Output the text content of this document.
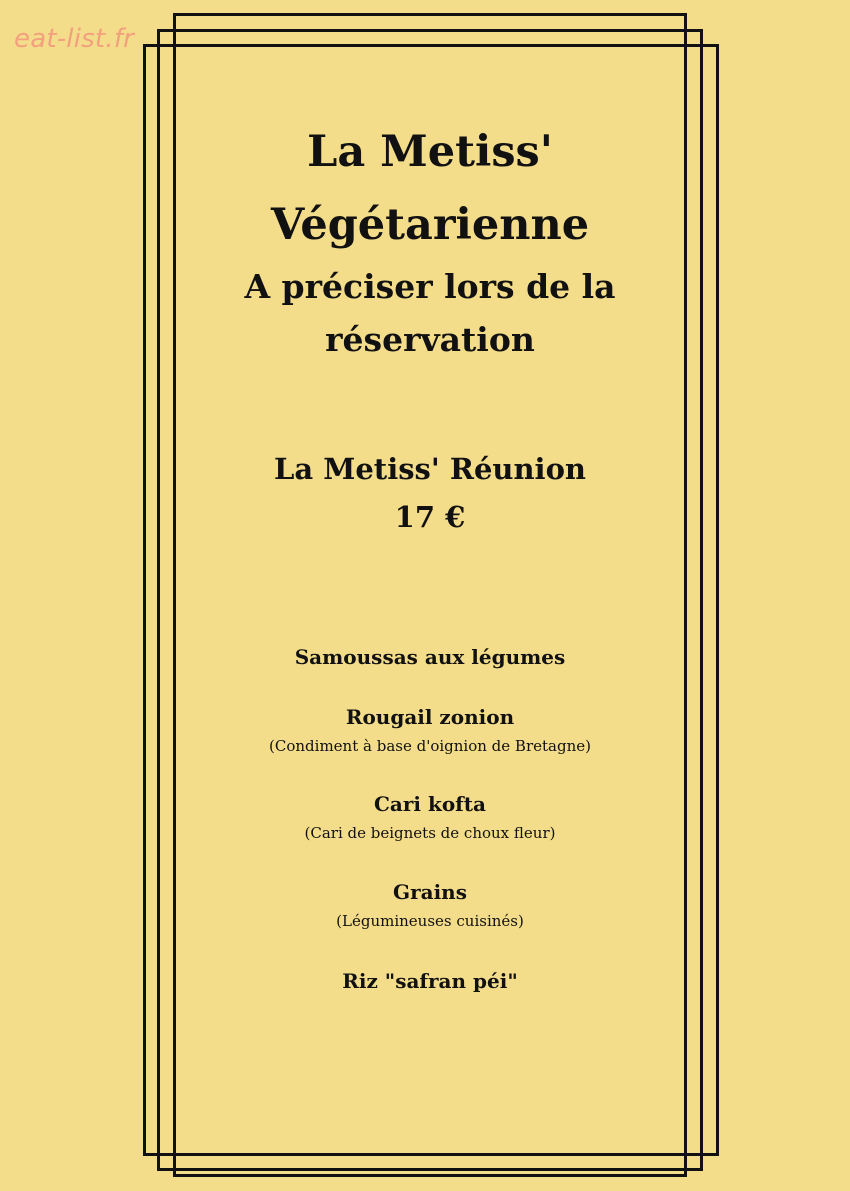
eat-list.fr
La Metiss'
Végétarienne
A préciser lors de la
réservation
La Metiss' Réunion
17 €
Samoussas aux légumes
Rougail zonion
(Condiment à base d'oignion de Bretagne)
Cari kofta
(Cari de beignets de choux fleur)
Grains
(Légumineuses cuisinés)
Riz "safran péi"
